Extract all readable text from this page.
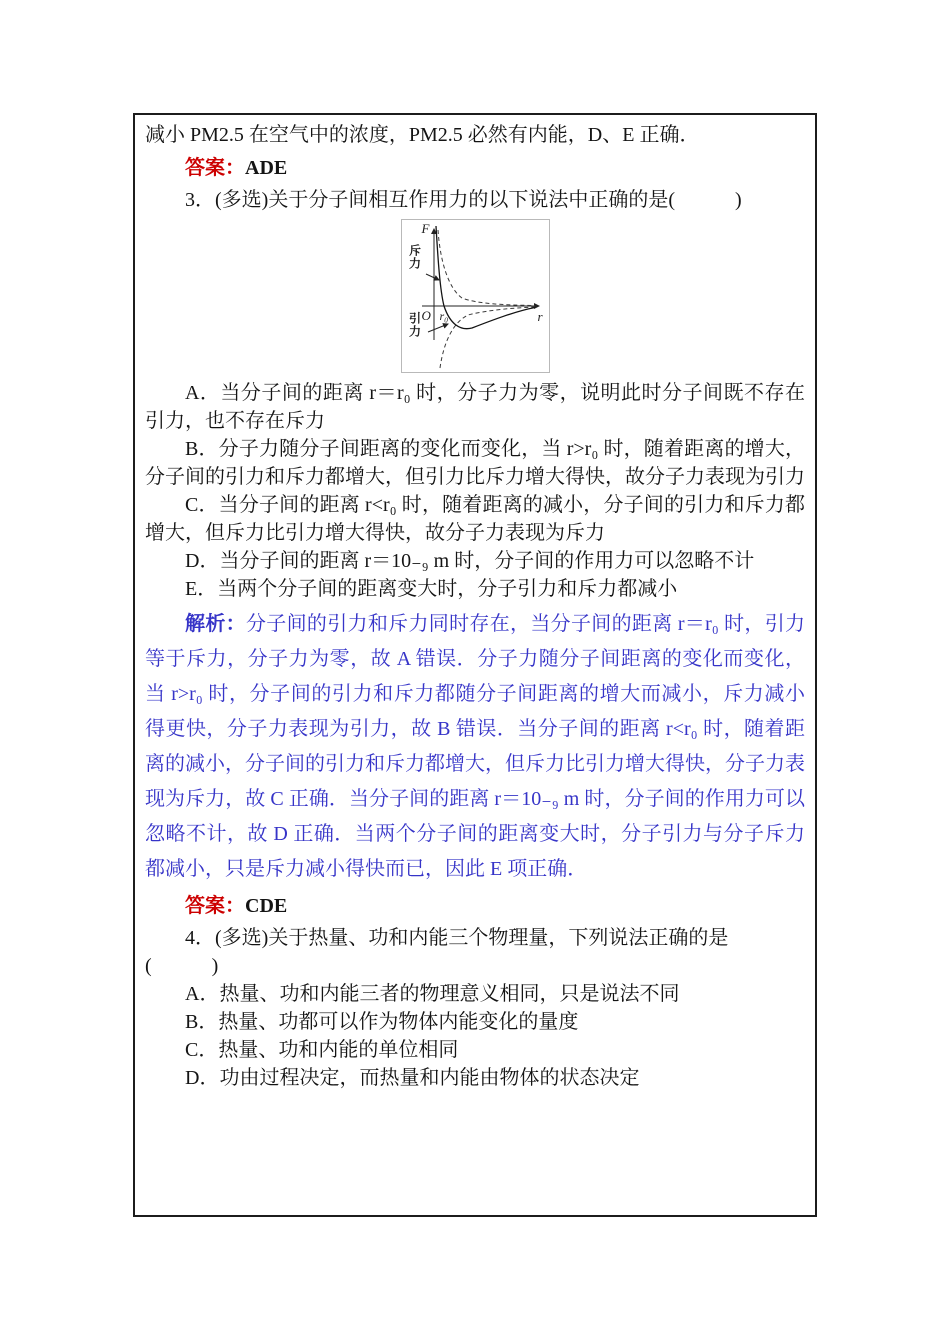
减小 PM2.5 在空气中的浓度，PM2.5 必然有内能，D、E 正确．

答案：ADE

3．(多选)关于分子间相互作用力的以下说法中正确的是(　　　)

F
斥力
引力 O r₀	r

A．当分子间的距离 r＝r₀ 时，分子力为零，说明此时分子间既不存在引力，也不存在斥力

B．分子力随分子间距离的变化而变化，当 r>r₀ 时，随着距离的增大，分子间的引力和斥力都增大，但引力比斥力增大得快，故分子力表现为引力

C．当分子间的距离 r<r₀ 时，随着距离的减小，分子间的引力和斥力都增大，但斥力比引力增大得快，故分子力表现为斥力

D．当分子间的距离 r＝10₋₉ m 时，分子间的作用力可以忽略不计

E．当两个分子间的距离变大时，分子引力和斥力都减小

解析：分子间的引力和斥力同时存在，当分子间的距离 r＝r₀ 时，引力等于斥力，分子力为零，故 A 错误．分子力随分子间距离的变化而变化，当 r>r₀ 时，分子间的引力和斥力都随分子间距离的增大而减小，斥力减小得更快，分子力表现为引力，故 B 错误．当分子间的距离 r<r₀ 时，随着距离的减小，分子间的引力和斥力都增大，但斥力比引力增大得快，分子力表现为斥力，故 C 正确．当分子间的距离 r＝10₋₉ m 时，分子间的作用力可以忽略不计，故 D 正确．当两个分子间的距离变大时，分子引力与分子斥力都减小，只是斥力减小得快而已，因此 E 项正确．

答案：CDE

4．(多选)关于热量、功和内能三个物理量，下列说法正确的是

(　　　)

A．热量、功和内能三者的物理意义相同，只是说法不同

B．热量、功都可以作为物体内能变化的量度

C．热量、功和内能的单位相同

D．功由过程决定，而热量和内能由物体的状态决定
